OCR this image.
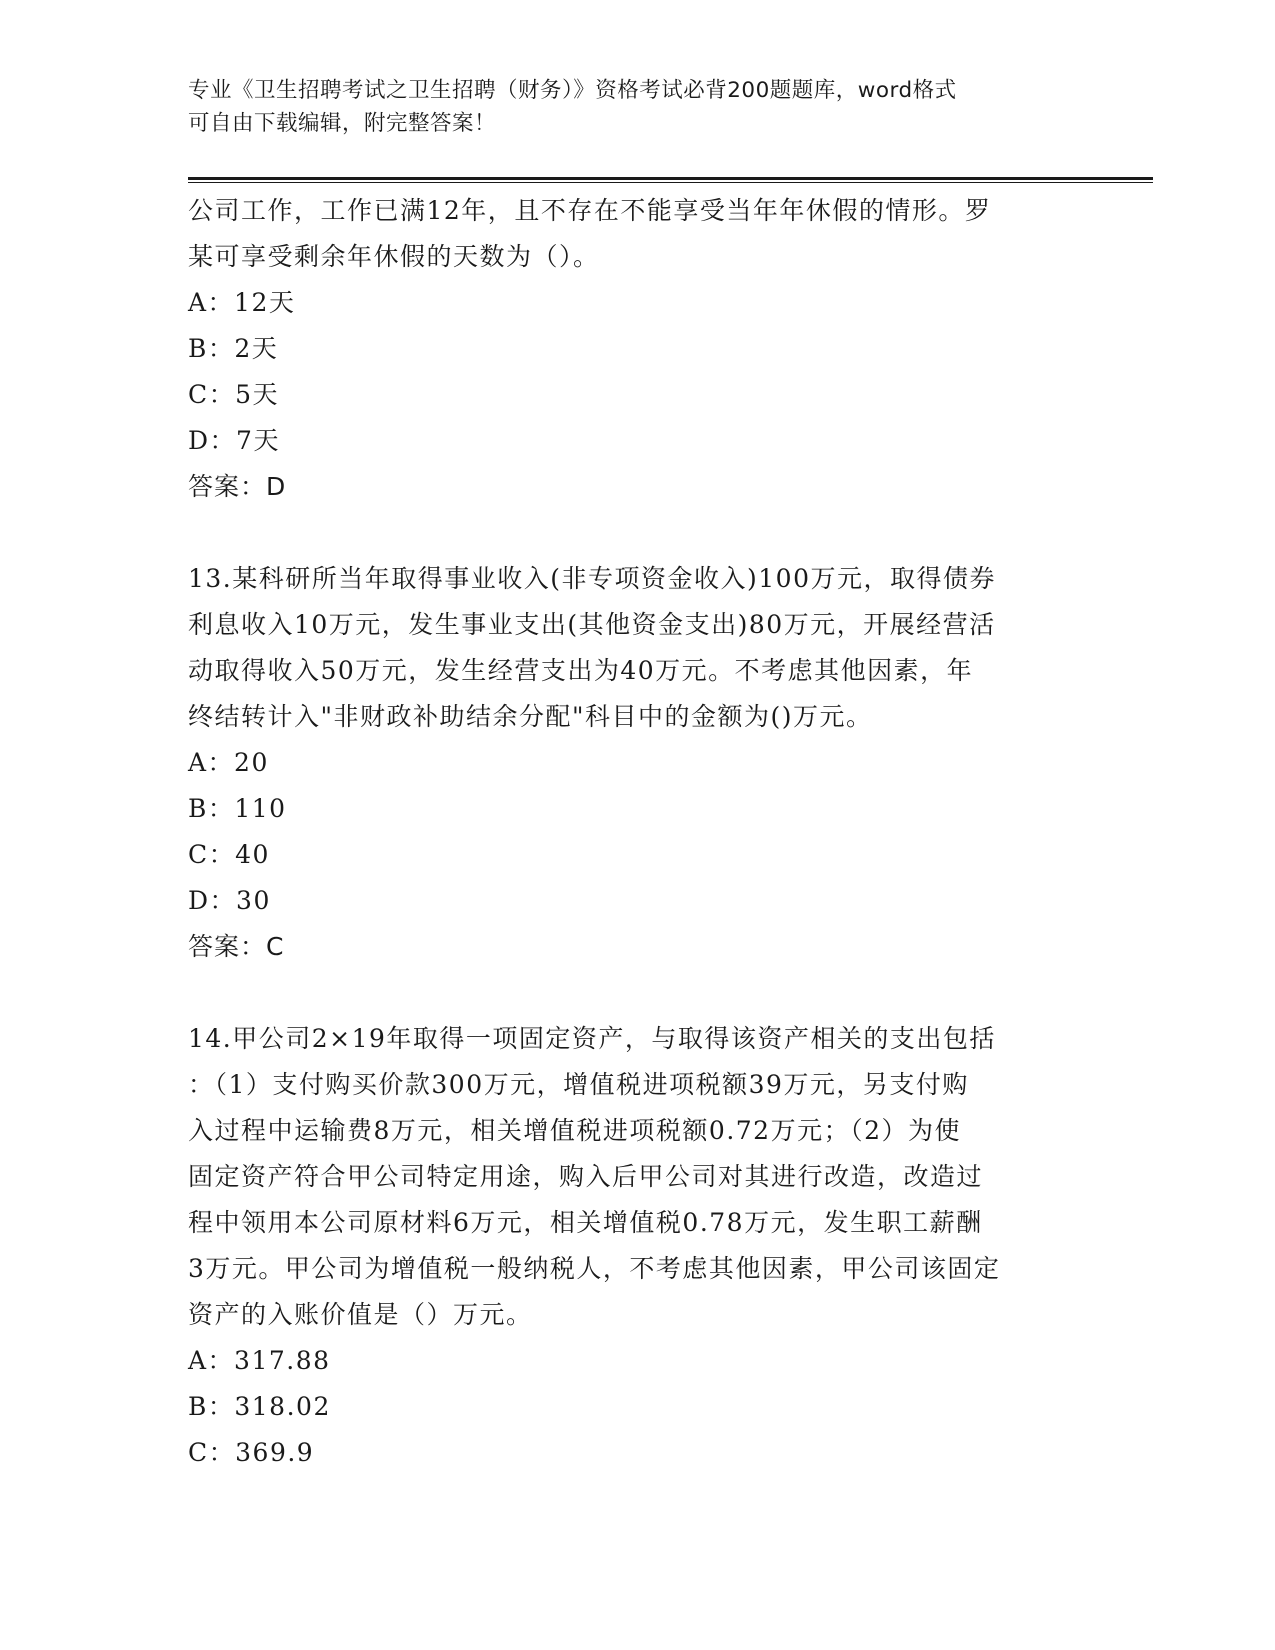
专业《卫生招聘考试之卫生招聘（财务）》资格考试必背200题题库，word格式
可自由下载编辑，附完整答案！

公司工作，工作已满12年，且不存在不能享受当年年休假的情形。罗

某可享受剩余年休假的天数为（）。

A：12天

B：2天

C：5天

D：7天

答案：D

13.某科研所当年取得事业收入(非专项资金收入)100万元，取得债券

利息收入10万元，发生事业支出(其他资金支出)80万元，开展经营活

动取得收入50万元，发生经营支出为40万元。不考虑其他因素，年

终结转计入"非财政补助结余分配"科目中的金额为()万元。

A：20

B：110

C：40

D：30

答案：C

14.甲公司2×19年取得一项固定资产，与取得该资产相关的支出包括

：（1）支付购买价款300万元，增值税进项税额39万元，另支付购

入过程中运输费8万元，相关增值税进项税额0.72万元；（2）为使

固定资产符合甲公司特定用途，购入后甲公司对其进行改造，改造过

程中领用本公司原材料6万元，相关增值税0.78万元，发生职工薪酬

3万元。甲公司为增值税一般纳税人，不考虑其他因素，甲公司该固定

资产的入账价值是（）万元。

A：317.88

B：318.02

C：369.9
